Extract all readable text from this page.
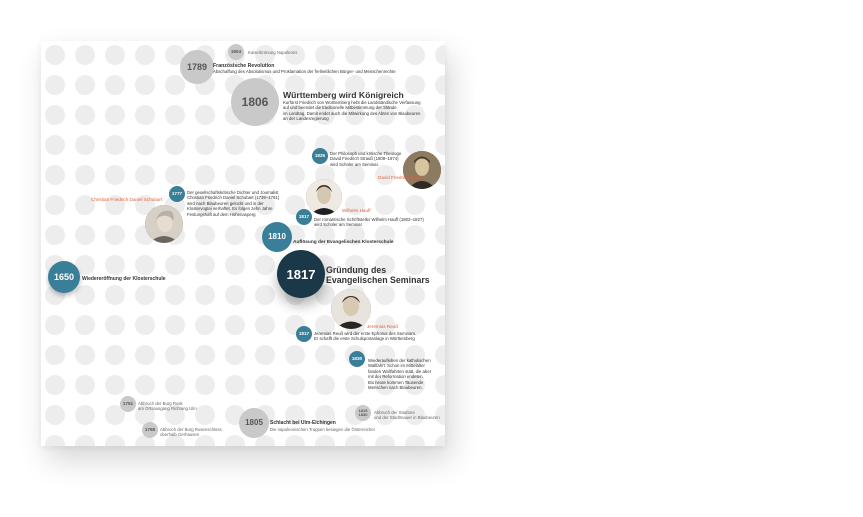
1804	Kaiserkrönung Napoleons
1789	Französische Revolution
Abschaffung des Absolutismus und Proklamation der freiheitlichen Bürger- und Menschenrechte
1806	Württemberg wird Königreich
Kurfürst Friedrich von Württemberg hebt die Landständische Verfassung
auf und beendet die traditionelle Mitbestimmung der Stände
im Landtag. Damit endet auch die Mitwirkung des Abtes von Blaubeuren
an der Landesregierung
1825	Der Philosoph und kritische Theologe
David Friedrich Strauß (1808–1874)
wird Schüler am Seminar.
David Friedrich Strauß
Wilhelm Hauff
1777	Der gesellschaftskritische Dichter und Journalist
Christian Friedrich Daniel Schubart (1739–1791)
wird nach Blaubeuren gelockt und in der
Klostervogtei verhaftet. Es folgen zehn Jahre
Festungshaft auf dem Hohenasperg
Christian Friedrich Daniel Schubart
1817
Der romantische Schriftsteller Wilhelm Hauff (1802–1827)
wird Schüler am Seminar
1810
Auflösung der Evangelischen Klosterschule
1650	Wiedereröffnung der Klosterschule	1817	Gründung des
Evangelischen Seminars
Jeremias Reuß
1817	Jeremias Reuß wird der erste Ephorus des Seminars.
Er schafft die erste Schulsportanlage in Württemberg
1830	Wiederaufleben der katholischen
Wallfahrt. Schon im Mittelalter
fanden Wallfahrten statt, die aber
mit der Reformation endeten.
Bis heute kommen Tausende
Menschen nach Blaubeuren.
1751	Abbruch der Burg Rusk
am Ortsausgang Richtung Ulm
1768	Abbruch der Burg Rusenschloss
oberhalb Gerhausen
1805	Schlacht bei Ulm-Elchingen
Die napoleonischen Truppen besiegen die Österreicher
1815
1830 Abbruch der Stadtore
und der Stadtmauer in Blaubeuren
